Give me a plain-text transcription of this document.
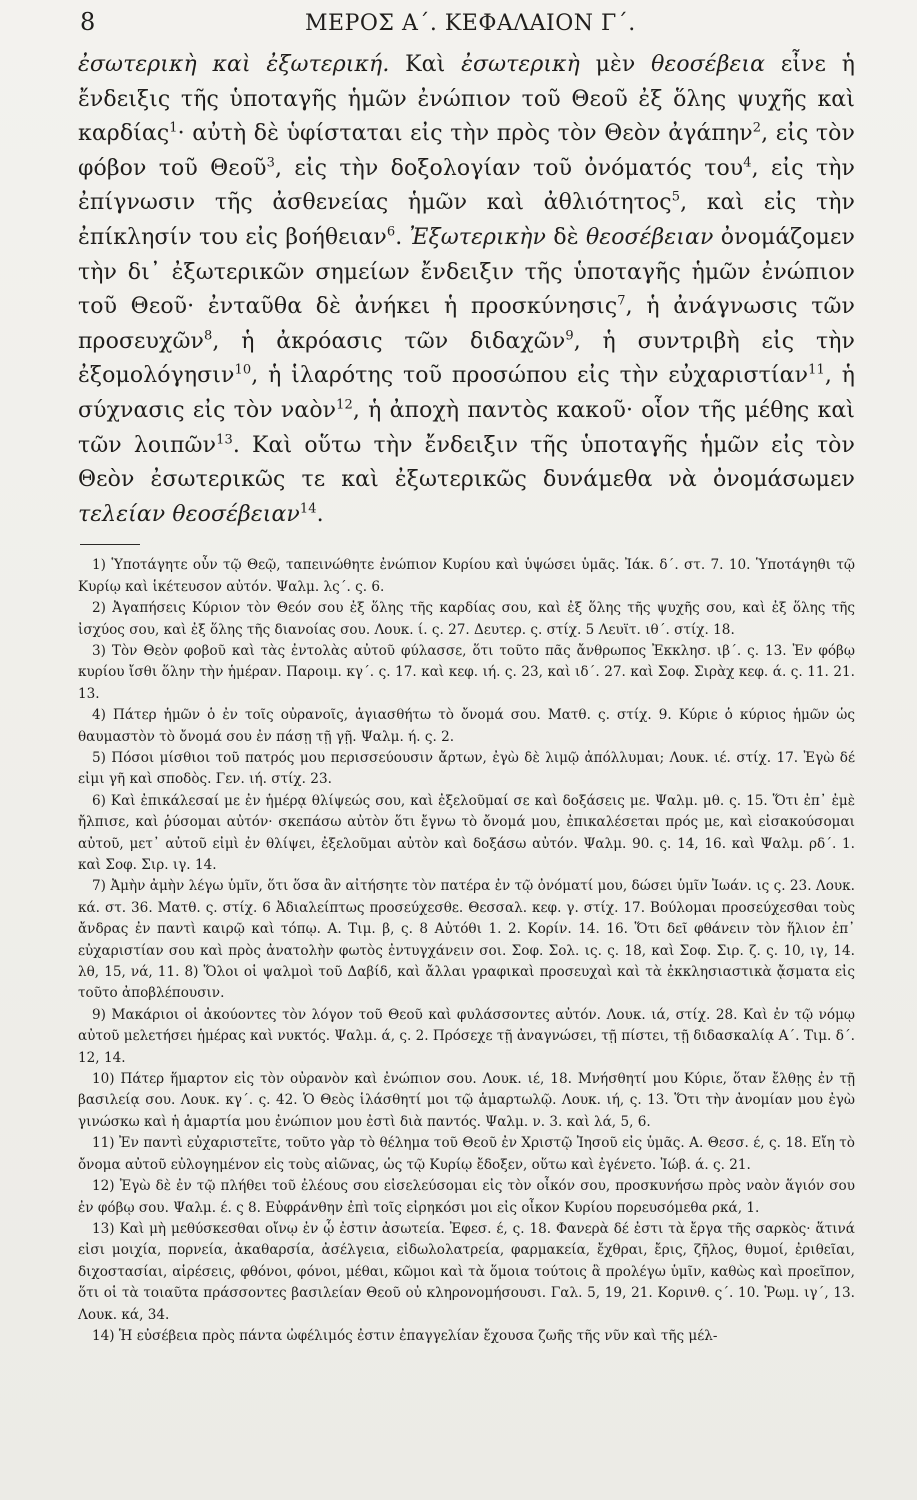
8	ΜΕΡΟΣ Α΄. ΚΕΦΑΛΑΙΟΝ Γ΄.

ἐσωτερικὴ καὶ ἐξωτερική. Καὶ ἐσωτερικὴ μὲν θεοσέβεια εἶνε ἡ ἔνδειξις τῆς ὑποταγῆς ἡμῶν ἐνώπιον τοῦ Θεοῦ ἐξ ὅλης ψυχῆς καὶ καρδίας$^1$· αὐτὴ δὲ ὑφίσταται εἰς τὴν πρὸς τὸν Θεὸν ἀγάπην$^2$, εἰς τὸν φόβον τοῦ Θεοῦ$^3$, εἰς τὴν δοξολογίαν τοῦ ὀνόματός του$^4$, εἰς τὴν ἐπίγνωσιν τῆς ἀσθενείας ἡμῶν καὶ ἀθλιότητος$^5$, καὶ εἰς τὴν ἐπίκλησίν του εἰς βοήθειαν$^6$. Ἐξωτερικὴν δὲ θεοσέβειαν ὀνομάζομεν τὴν δι᾽ ἐξωτερικῶν σημείων ἔνδειξιν τῆς ὑποταγῆς ἡμῶν ἐνώπιον τοῦ Θεοῦ· ἐνταῦθα δὲ ἀνήκει ἡ προσκύνησις$^7$, ἡ ἀνάγνωσις τῶν προσευχῶν$^8$, ἡ ἀκρόασις τῶν διδαχῶν$^9$, ἡ συντριβὴ εἰς τὴν ἐξομολόγησιν$^{10}$, ἡ ἱλαρότης τοῦ προσώπου εἰς τὴν εὐχαριστίαν$^{11}$, ἡ σύχνασις εἰς τὸν ναὸν$^{12}$, ἡ ἀποχὴ παντὸς κακοῦ· οἷον τῆς μέθης καὶ τῶν λοιπῶν$^{13}$. Καὶ οὕτω τὴν ἔνδειξιν τῆς ὑποταγῆς ἡμῶν εἰς τὸν Θεὸν ἐσωτερικῶς τε καὶ ἐξωτερικῶς δυνάμεθα νὰ ὀνομάσωμεν τελείαν θεοσέβειαν$^{14}$.

1) Ὑποτάγητε οὖν τῷ Θεῷ, ταπεινώθητε ἐνώπιον Κυρίου καὶ ὑψώσει ὑμᾶς. Ἰάκ. δ΄. στ. 7. 10. Ὑποτάγηθι τῷ Κυρίῳ καὶ ἱκέτευσον αὐτόν. Ψαλμ. λς΄. ς. 6.

2) Ἀγαπήσεις Κύριον τὸν Θεόν σου ἐξ ὅλης τῆς καρδίας σου, καὶ ἐξ ὅλης τῆς ψυχῆς σου, καὶ ἐξ ὅλης τῆς ἰσχύος σου, καὶ ἐξ ὅλης τῆς διανοίας σου. Λουκ. ί. ς. 27. Δευτερ. ς. στίχ. 5 Λευϊτ. ιθ΄. στίχ. 18.

3) Τὸν Θεὸν φοβοῦ καὶ τὰς ἐντολὰς αὐτοῦ φύλασσε, ὅτι τοῦτο πᾶς ἄνθρωπος Ἐκκλησ. ιβ΄. ς. 13. Ἐν φόβῳ κυρίου ἴσθι ὅλην τὴν ἡμέραν. Παροιμ. κγ΄. ς. 17. καὶ κεφ. ιή. ς. 23, καὶ ιδ΄. 27. καὶ Σοφ. Σιρὰχ κεφ. ά. ς. 11. 21. 13.

4) Πάτερ ἡμῶν ὁ ἐν τοῖς οὐρανοῖς, ἁγιασθήτω τὸ ὄνομά σου. Ματθ. ς. στίχ. 9. Κύριε ὁ κύριος ἡμῶν ὡς θαυμαστὸν τὸ ὄνομά σου ἐν πάσῃ τῇ γῇ. Ψαλμ. ή. ς. 2.

5) Πόσοι μίσθιοι τοῦ πατρός μου περισσεύουσιν ἄρτων, ἐγὼ δὲ λιμῷ ἀπόλλυμαι; Λουκ. ιέ. στίχ. 17. Ἐγὼ δέ εἰμι γῆ καὶ σποδὸς. Γεν. ιή. στίχ. 23.

6) Καὶ ἐπικάλεσαί με ἐν ἡμέρᾳ θλίψεώς σου, καὶ ἐξελοῦμαί σε καὶ δοξάσεις με. Ψαλμ. μθ. ς. 15. Ὅτι ἐπ᾽ ἐμὲ ἤλπισε, καὶ ῥύσομαι αὐτόν· σκεπάσω αὐτὸν ὅτι ἔγνω τὸ ὄνομά μου, ἐπικαλέσεται πρός με, καὶ εἰσακούσομαι αὐτοῦ, μετ᾽ αὐτοῦ εἰμὶ ἐν θλίψει, ἐξελοῦμαι αὐτὸν καὶ δοξάσω αὐτόν. Ψαλμ. 90. ς. 14, 16. καὶ Ψαλμ. ρδ΄. 1. καὶ Σοφ. Σιρ. ιγ. 14.

7) Ἀμὴν ἀμὴν λέγω ὑμῖν, ὅτι ὅσα ἂν αἰτήσητε τὸν πατέρα ἐν τῷ ὀνόματί μου, δώσει ὑμῖν Ἰωάν. ις ς. 23. Λουκ. κά. στ. 36. Ματθ. ς. στίχ. 6 Ἀδιαλείπτως προσεύχεσθε. Θεσσαλ. κεφ. γ. στίχ. 17. Βούλομαι προσεύχεσθαι τοὺς ἄνδρας ἐν παντὶ καιρῷ καὶ τόπῳ. Α. Τιμ. β, ς. 8 Αὐτόθι 1. 2. Κορίν. 14. 16. Ὅτι δεῖ φθάνειν τὸν ἥλιον ἐπ᾽ εὐχαριστίαν σου καὶ πρὸς ἀνατολὴν φωτὸς ἐντυγχάνειν σοι. Σοφ. Σολ. ις. ς. 18, καὶ Σοφ. Σιρ. ζ. ς. 10, ιγ, 14. λθ, 15, νά, 11. 8) Ὅλοι οἱ ψαλμοὶ τοῦ Δαβίδ, καὶ ἄλλαι γραφικαὶ προσευχαὶ καὶ τὰ ἐκκλησιαστικὰ ᾄσματα εἰς τοῦτο ἀποβλέπουσιν.

9) Μακάριοι οἱ ἀκούοντες τὸν λόγον τοῦ Θεοῦ καὶ φυλάσσοντες αὐτόν. Λουκ. ιά, στίχ. 28. Καὶ ἐν τῷ νόμῳ αὐτοῦ μελετήσει ἡμέρας καὶ νυκτός. Ψαλμ. ά, ς. 2. Πρόσεχε τῇ ἀναγνώσει, τῇ πίστει, τῇ διδασκαλίᾳ Α΄. Τιμ. δ΄. 12, 14.

10) Πάτερ ἥμαρτον εἰς τὸν οὐρανὸν καὶ ἐνώπιον σου. Λουκ. ιέ, 18. Μνήσθητί μου Κύριε, ὅταν ἔλθῃς ἐν τῇ βασιλείᾳ σου. Λουκ. κγ΄. ς. 42. Ὁ Θεὸς ἱλάσθητί μοι τῷ ἁμαρτωλῷ. Λουκ. ιή, ς. 13. Ὅτι τὴν ἀνομίαν μου ἐγὼ γινώσκω καὶ ἡ ἁμαρτία μου ἐνώπιον μου ἐστὶ διὰ παντός. Ψαλμ. ν. 3. καὶ λά, 5, 6.

11) Ἐν παντὶ εὐχαριστεῖτε, τοῦτο γὰρ τὸ θέλημα τοῦ Θεοῦ ἐν Χριστῷ Ἰησοῦ εἰς ὑμᾶς. Α. Θεσσ. έ, ς. 18. Εἴη τὸ ὄνομα αὐτοῦ εὐλογημένον εἰς τοὺς αἰῶνας, ὡς τῷ Κυρίῳ ἔδοξεν, οὕτω καὶ ἐγένετο. Ἰώβ. ά. ς. 21.

12) Ἐγὼ δὲ ἐν τῷ πλήθει τοῦ ἐλέους σου εἰσελεύσομαι εἰς τὸν οἶκόν σου, προσκυνήσω πρὸς ναὸν ἅγιόν σου ἐν φόβῳ σου. Ψαλμ. έ. ς 8. Εὐφράνθην ἐπὶ τοῖς εἰρηκόσι μοι εἰς οἶκον Κυρίου πορευσόμεθα ρκά, 1.

13) Καὶ μὴ μεθύσκεσθαι οἴνῳ ἐν ᾧ ἐστιν ἀσωτεία. Ἐφεσ. έ, ς. 18. Φανερὰ δέ ἐστι τὰ ἔργα τῆς σαρκὸς· ἅτινά εἰσι μοιχία, πορνεία, ἀκαθαρσία, ἀσέλγεια, εἰδωλολατρεία, φαρμακεία, ἔχθραι, ἔρις, ζῆλος, θυμοί, ἐριθεῖαι, διχοστασίαι, αἱρέσεις, φθόνοι, φόνοι, μέθαι, κῶμοι καὶ τὰ ὅμοια τούτοις ἃ προλέγω ὑμῖν, καθὼς καὶ προεῖπον, ὅτι οἱ τὰ τοιαῦτα πράσσοντες βασιλείαν Θεοῦ οὐ κληρονομήσουσι. Γαλ. 5, 19, 21. Κορινθ. ς΄. 10. Ῥωμ. ιγ΄, 13. Λουκ. κά, 34.

14) Ἡ εὐσέβεια πρὸς πάντα ὠφέλιμός ἐστιν ἐπαγγελίαν ἔχουσα ζωῆς τῆς νῦν καὶ τῆς μέλ-
